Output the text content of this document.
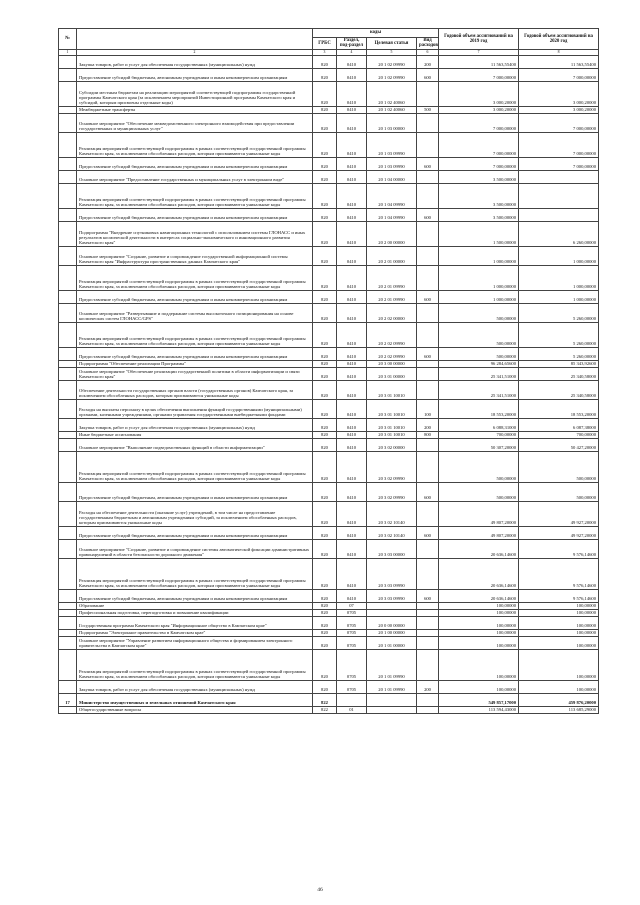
№		коды				Годовой объем ассигнований на 2019 год	Годовой объем ассигнований на 2020 год
		ГРБС	Раздел, под-раздел	Целевая статья	Вид расходов		
1	2	3	4	5	6	7	8
	Закупка товаров, работ и услуг для обеспечения государственных (муниципальных) нужд	820	0410	20 1 02 09990	200	11 563,55400	11 563,55400
	Предоставление субсидий бюджетным, автономным учреждениям и иным некоммерческим организациям	820	0410	20 1 02 09990	600	7 000,00000	7 000,00000
	Субсидии местным бюджетам на реализацию мероприятий соответствующей подпрограммы государственной программы Камчатского края (за исключением мероприятий Инвестиционной программы Камчатского края и субсидий, которым присвоены отдельные коды)	820	0410	20 1 02 40060		3 000,20000	3 000,20000
	Межбюджетные трансферты	820	0410	20 1 02 40060	500	3 000,20000	3 000,20000
	Основное мероприятие "Обеспечение межведомственного электронного взаимодействия при предоставлении государственных и муниципальных услуг"	820	0410	20 1 03 00000		7 000,00000	7 000,00000
	Реализация мероприятий соответствующей подпрограммы в рамках соответствующей государственной программы Камчатского края, за исключением обособленных расходов, которым присваиваются уникальные коды	820	0410	20 1 03 09990		7 000,00000	7 000,00000
	Предоставление субсидий бюджетным, автономным учреждениям и иным некоммерческим организациям	820	0410	20 1 03 09990	600	7 000,00000	7 000,00000
	Основное мероприятие "Предоставление государственных и муниципальных услуг в электронном виде"	820	0410	20 1 04 00000		3 500,00000	
	Реализация мероприятий соответствующей подпрограммы в рамках соответствующей государственной программы Камчатского края, за исключением обособленных расходов, которым присваиваются уникальные коды	820	0410	20 1 04 09990		3 500,00000	
	Предоставление субсидий бюджетным, автономным учреждениям и иным некоммерческим организациям	820	0410	20 1 04 09990	600	3 500,00000	
	Подпрограмма "Внедрение спутниковых навигационных технологий с использованием системы ГЛОНАСС и иных результатов космической деятельности в интересах социально-экономического и инновационного развития Камчатского края"	820	0410	20 2 00 00000		1 500,00000	6 260,00000
	Основное мероприятие "Создание, развитие и сопровождение государственной информационной системы Камчатского края "Инфраструктура пространственных данных Камчатского края"	820	0410	20 2 01 00000		1 000,00000	1 000,00000
	Реализация мероприятий соответствующей подпрограммы в рамках соответствующей государственной программы Камчатского края, за исключением обособленных расходов, которым присваиваются уникальные коды	820	0410	20 2 01 09990		1 000,00000	1 000,00000
	Предоставление субсидий бюджетным, автономным учреждениям и иным некоммерческим организациям	820	0410	20 2 01 09990	600	1 000,00000	1 000,00000
	Основное мероприятие "Развертывание и поддержание системы высокоточного позиционирования на основе космических систем ГЛОНАСС/GPS"	820	0410	20 2 02 00000		500,00000	5 260,00000
	Реализация мероприятий соответствующей подпрограммы в рамках соответствующей государственной программы Камчатского края, за исключением обособленных расходов, которым присваиваются уникальные коды	820	0410	20 2 02 09990		500,00000	5 260,00000
	Предоставление субсидий бюджетным, автономным учреждениям и иным некоммерческим организациям	820	0410	20 2 02 09990	600	500,00000	5 260,00000
	Подпрограмма "Обеспечение реализации Программы"	820	0410	20 3 00 00000		96 284,65600	85 343,92600
	Основное мероприятие "Обеспечение реализации государственной политики в области информатизации и связи Камчатского края"	820	0410	20 3 01 00000		25 341,51000	25 340,58000
	Обеспечение деятельности государственных органов власти (государственных органов) Камчатского края, за исключением обособленных расходов, которым присваиваются уникальные коды	820	0410	20 3 01 10010		25 341,51000	25 340,58000
	Расходы на выплаты персоналу в целях обеспечения выполнения функций государственными (муниципальными) органами, казенными учреждениями, органами управления государственными внебюджетными фондами	820	0410	20 3 01 10010	100	18 553,20000	18 553,20000
	Закупка товаров, работ и услуг для обеспечения государственных (муниципальных) нужд	820	0410	20 3 01 10010	200	6 088,31000	6 087,38000
	Иные бюджетные ассигнования	820	0410	20 3 01 10010	800	700,00000	700,00000
	Основное мероприятие "Выполнение подведомственных функций в области информатизации"	820	0410	20 3 02 00000		50 307,20000	50 427,20000
	Реализация мероприятий соответствующей подпрограммы в рамках соответствующей государственной программы Камчатского края, за исключением обособленных расходов, которым присваиваются уникальные коды	820	0410	20 3 02 09990		500,00000	500,00000
	Предоставление субсидий бюджетным, автономным учреждениям и иным некоммерческим организациям	820	0410	20 3 02 09990	600	500,00000	500,00000
	Расходы на обеспечение деятельности (оказание услуг) учреждений, в том числе на предоставление государственным бюджетным и автономным учреждениям субсидий, за исключением обособленных расходов, которым присваиваются уникальные коды	820	0410	20 3 02 10140		49 807,20000	49 927,20000
	Предоставление субсидий бюджетным, автономным учреждениям и иным некоммерческим организациям	820	0410	20 3 02 10140	600	49 807,20000	49 927,20000
	Основное мероприятие "Создание, развитие и сопровождение системы автоматической фиксации административных правонарушений в области безопасности дорожного движения"	820	0410	20 3 03 00000		20 636,14600	9 576,14600
	Реализация мероприятий соответствующей подпрограммы в рамках соответствующей государственной программы Камчатского края, за исключением обособленных расходов, которым присваиваются уникальные коды	820	0410	20 3 03 09990		20 636,14600	9 576,14600
	Предоставление субсидий бюджетным, автономным учреждениям и иным некоммерческим организациям	820	0410	20 3 03 09990	600	20 636,14600	9 576,14600
	Образование	820	07			100,00000	100,00000
	Профессиональная подготовка, переподготовка и повышение квалификации	820	0705			100,00000	100,00000
	Государственная программа Камчатского края "Информационное общество в Камчатском крае"	820	0705	20 0 00 00000		100,00000	100,00000
	Подпрограмма "Электронное правительство в Камчатском крае"	820	0705	20 1 00 00000		100,00000	100,00000
	Основное мероприятие "Управление развитием информационного общества и формированием электронного правительства в Камчатском крае"	820	0705	20 1 01 00000		100,00000	100,00000
	Реализация мероприятий соответствующей подпрограммы в рамках соответствующей государственной программы Камчатского края, за исключением обособленных расходов, которым присваиваются уникальные коды	820	0705	20 1 01 09990		100,00000	100,00000
	Закупка товаров, работ и услуг для обеспечения государственных (муниципальных) нужд	820	0705	20 1 01 09990	200	100,00000	100,00000
17	Министерство имущественных и земельных отношений Камчатского края	822				549 857,17000	459 876,20000
	Общегосударственные вопросы	822	01			113 594,43000	113 685,29000
46
